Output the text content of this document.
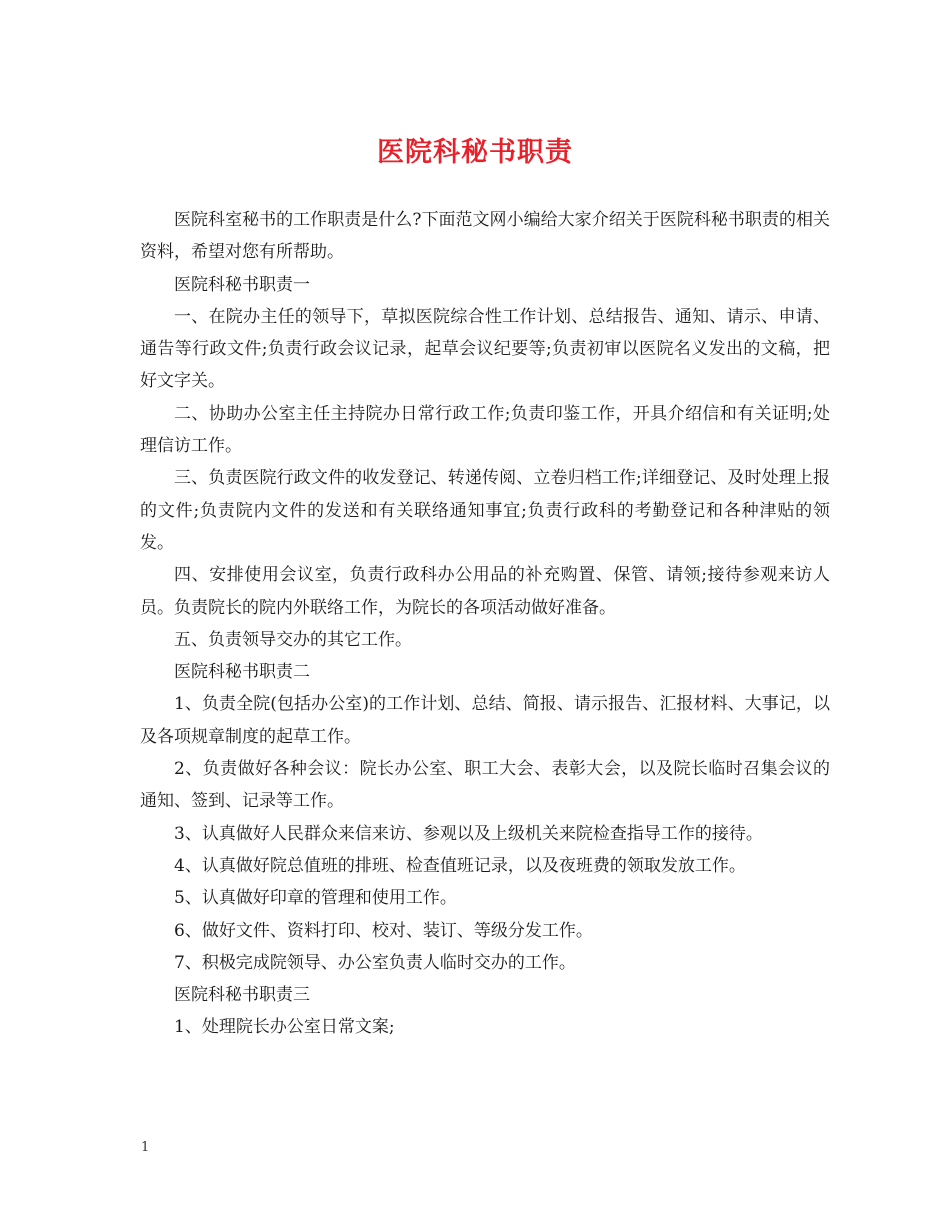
医院科秘书职责

医院科室秘书的工作职责是什么?下面范文网小编给大家介绍关于医院科秘书职责的相关资料，希望对您有所帮助。

医院科秘书职责一

一、在院办主任的领导下，草拟医院综合性工作计划、总结报告、通知、请示、申请、通告等行政文件;负责行政会议记录，起草会议纪要等;负责初审以医院名义发出的文稿，把好文字关。

二、协助办公室主任主持院办日常行政工作;负责印鉴工作，开具介绍信和有关证明;处理信访工作。

三、负责医院行政文件的收发登记、转递传阅、立卷归档工作;详细登记、及时处理上报的文件;负责院内文件的发送和有关联络通知事宜;负责行政科的考勤登记和各种津贴的领发。

四、安排使用会议室，负责行政科办公用品的补充购置、保管、请领;接待参观来访人员。负责院长的院内外联络工作，为院长的各项活动做好准备。

五、负责领导交办的其它工作。

医院科秘书职责二

1、负责全院(包括办公室)的工作计划、总结、简报、请示报告、汇报材料、大事记，以及各项规章制度的起草工作。

2、负责做好各种会议：院长办公室、职工大会、表彰大会，以及院长临时召集会议的通知、签到、记录等工作。

3、认真做好人民群众来信来访、参观以及上级机关来院检查指导工作的接待。

4、认真做好院总值班的排班、检查值班记录，以及夜班费的领取发放工作。

5、认真做好印章的管理和使用工作。

6、做好文件、资料打印、校对、装订、等级分发工作。

7、积极完成院领导、办公室负责人临时交办的工作。

医院科秘书职责三

1、处理院长办公室日常文案;

1
